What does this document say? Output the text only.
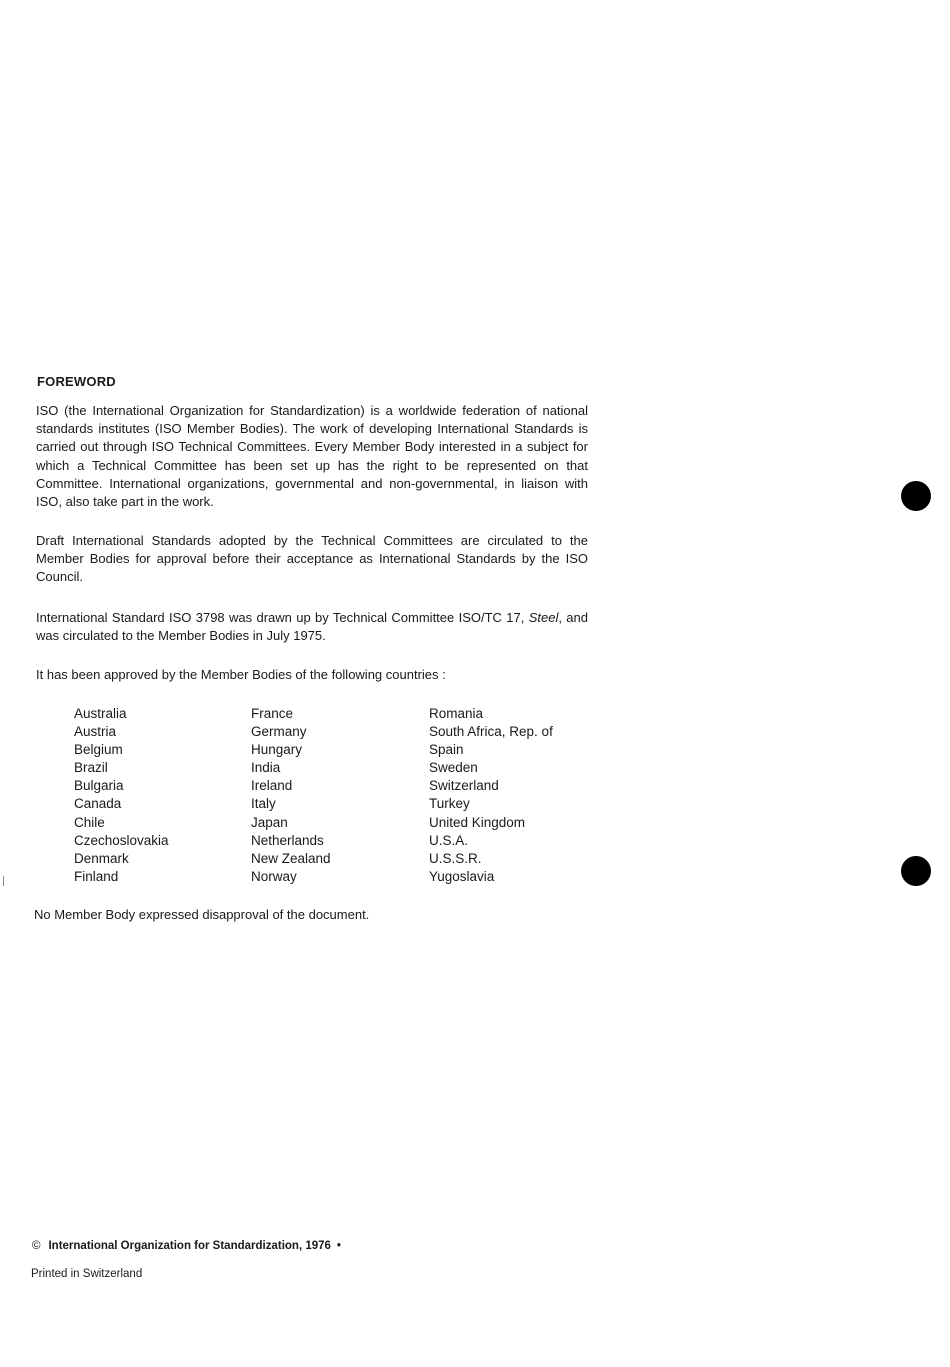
FOREWORD
ISO (the International Organization for Standardization) is a worldwide federation of national standards institutes (ISO Member Bodies). The work of developing International Standards is carried out through ISO Technical Committees. Every Member Body interested in a subject for which a Technical Committee has been set up has the right to be represented on that Committee. International organizations, governmental and non-governmental, in liaison with ISO, also take part in the work.
Draft International Standards adopted by the Technical Committees are circulated to the Member Bodies for approval before their acceptance as International Standards by the ISO Council.
International Standard ISO 3798 was drawn up by Technical Committee ISO/TC 17, Steel, and was circulated to the Member Bodies in July 1975.
It has been approved by the Member Bodies of the following countries :
Australia
Austria
Belgium
Brazil
Bulgaria
Canada
Chile
Czechoslovakia
Denmark
Finland
France
Germany
Hungary
India
Ireland
Italy
Japan
Netherlands
New Zealand
Norway
Romania
South Africa, Rep. of
Spain
Sweden
Switzerland
Turkey
United Kingdom
U.S.A.
U.S.S.R.
Yugoslavia
No Member Body expressed disapproval of the document.
© International Organization for Standardization, 1976 •
Printed in Switzerland
